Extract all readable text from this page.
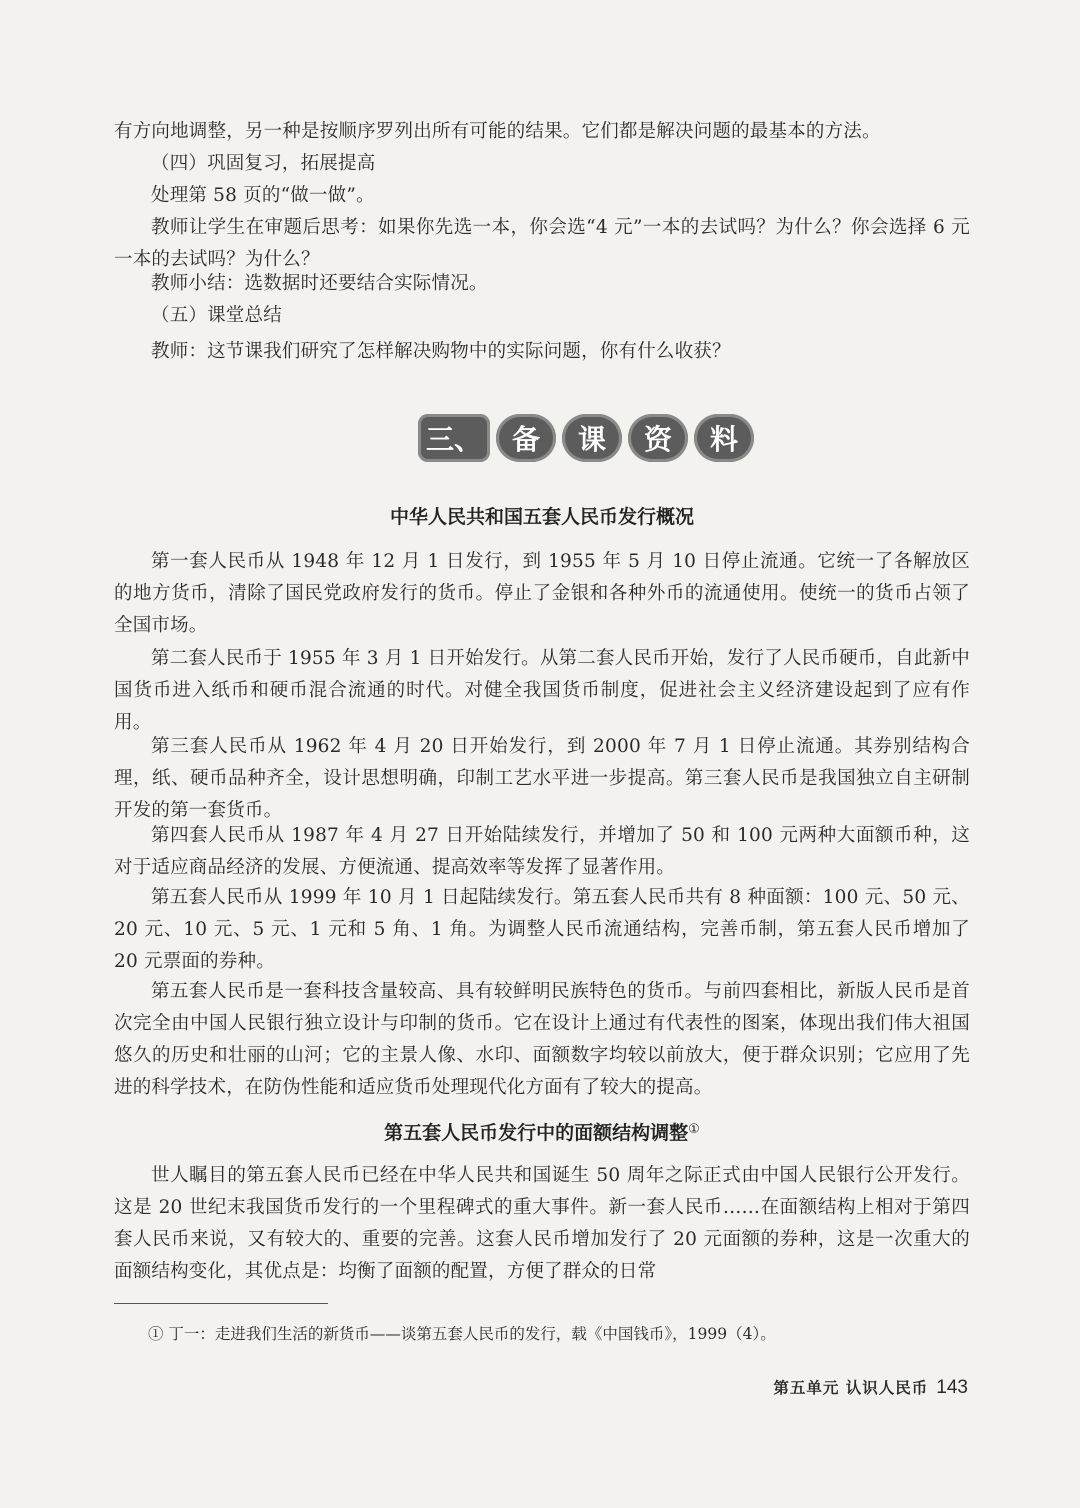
有方向地调整，另一种是按顺序罗列出所有可能的结果。它们都是解决问题的最基本的方法。

（四）巩固复习，拓展提高

处理第 58 页的“做一做”。

教师让学生在审题后思考：如果你先选一本，你会选“4 元”一本的去试吗？为什么？你会选择 6 元一本的去试吗？为什么？

教师小结：选数据时还要结合实际情况。

（五）课堂总结

教师：这节课我们研究了怎样解决购物中的实际问题，你有什么收获？

三、	备	课	资	料
中华人民共和国五套人民币发行概况

第一套人民币从 1948 年 12 月 1 日发行，到 1955 年 5 月 10 日停止流通。它统一了各解放区的地方货币，清除了国民党政府发行的货币。停止了金银和各种外币的流通使用。使统一的货币占领了全国市场。

第二套人民币于 1955 年 3 月 1 日开始发行。从第二套人民币开始，发行了人民币硬币，自此新中国货币进入纸币和硬币混合流通的时代。对健全我国货币制度，促进社会主义经济建设起到了应有作用。

第三套人民币从 1962 年 4 月 20 日开始发行，到 2000 年 7 月 1 日停止流通。其券别结构合理，纸、硬币品种齐全，设计思想明确，印制工艺水平进一步提高。第三套人民币是我国独立自主研制开发的第一套货币。

第四套人民币从 1987 年 4 月 27 日开始陆续发行，并增加了 50 和 100 元两种大面额币种，这对于适应商品经济的发展、方便流通、提高效率等发挥了显著作用。

第五套人民币从 1999 年 10 月 1 日起陆续发行。第五套人民币共有 8 种面额：100 元、50 元、20 元、10 元、5 元、1 元和 5 角、1 角。为调整人民币流通结构，完善币制，第五套人民币增加了 20 元票面的券种。

第五套人民币是一套科技含量较高、具有较鲜明民族特色的货币。与前四套相比，新版人民币是首次完全由中国人民银行独立设计与印制的货币。它在设计上通过有代表性的图案，体现出我们伟大祖国悠久的历史和壮丽的山河；它的主景人像、水印、面额数字均较以前放大，便于群众识别；它应用了先进的科学技术，在防伪性能和适应货币处理现代化方面有了较大的提高。

第五套人民币发行中的面额结构调整①

世人瞩目的第五套人民币已经在中华人民共和国诞生 50 周年之际正式由中国人民银行公开发行。这是 20 世纪末我国货币发行的一个里程碑式的重大事件。新一套人民币……在面额结构上相对于第四套人民币来说，又有较大的、重要的完善。这套人民币增加发行了 20 元面额的券种，这是一次重大的面额结构变化，其优点是：均衡了面额的配置，方便了群众的日常

① 丁一：走进我们生活的新货币——谈第五套人民币的发行，载《中国钱币》，1999（4）。

第五单元 认识人民币 143
